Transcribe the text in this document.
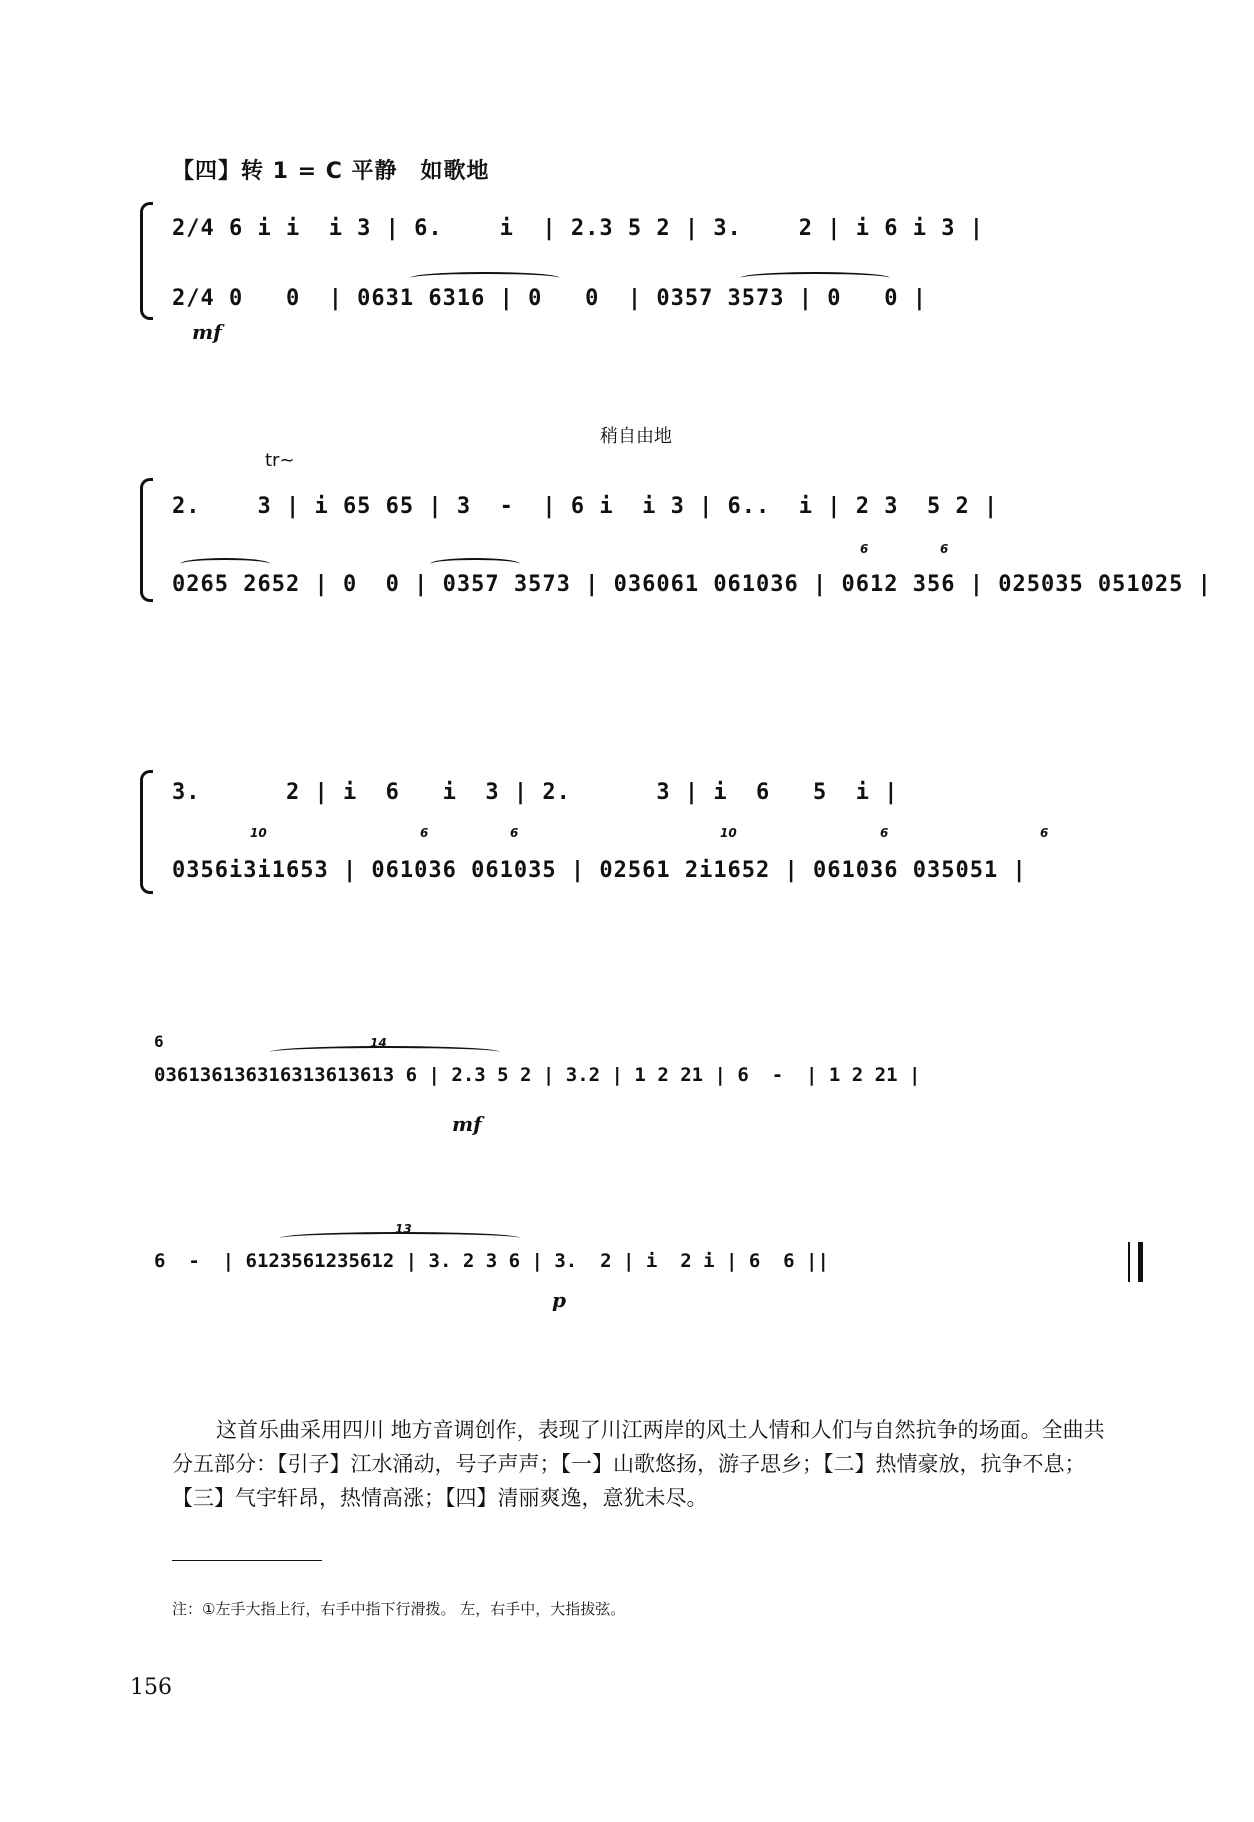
【四】转 1 = C 平静　如歌地
2/4 6 i i  i 3 | 6.    i  | 2.3 5 2 | 3.    2 | i 6 i 3 |
2/4 0   0  | 0631 6316 | 0   0  | 0357 3573 | 0   0 |
mf
tr~
稍自由地
2.    3 | i 65 65 | 3  -  | 6 i  i 3 | 6..  i | 2 3  5 2 |
0265 2652 | 0  0 | 0357 3573 | 036061 061036 | 0612 356 | 025035 051025 |
6	6
3.      2 | i  6   i  3 | 2.      3 | i  6   5  i |
0356i3i1653 | 061036 061035 | 02561 2i1652 | 061036 035051 |
10	6	6	10	6	6
6
036136136316313613613 6 | 2.3 5 2 | 3.2 | 1 2 21 | 6  -  | 1 2 21 |
14
mf
6  -  | 6123561235612 | 3. 2 3 6 | 3.  2 | i  2 i | 6  6 ||
13
p

这首乐曲采用四川 地方音调创作，表现了川江两岸的风土人情和人们与自然抗争的场面。全曲共分五部分：【引子】江水涌动，号子声声；【一】山歌悠扬，游子思乡；【二】热情豪放，抗争不息；【三】气宇轩昂，热情高涨；【四】清丽爽逸，意犹未尽。

注：①左手大指上行，右手中指下行滑拨。 左，右手中，大指拔弦。
156
